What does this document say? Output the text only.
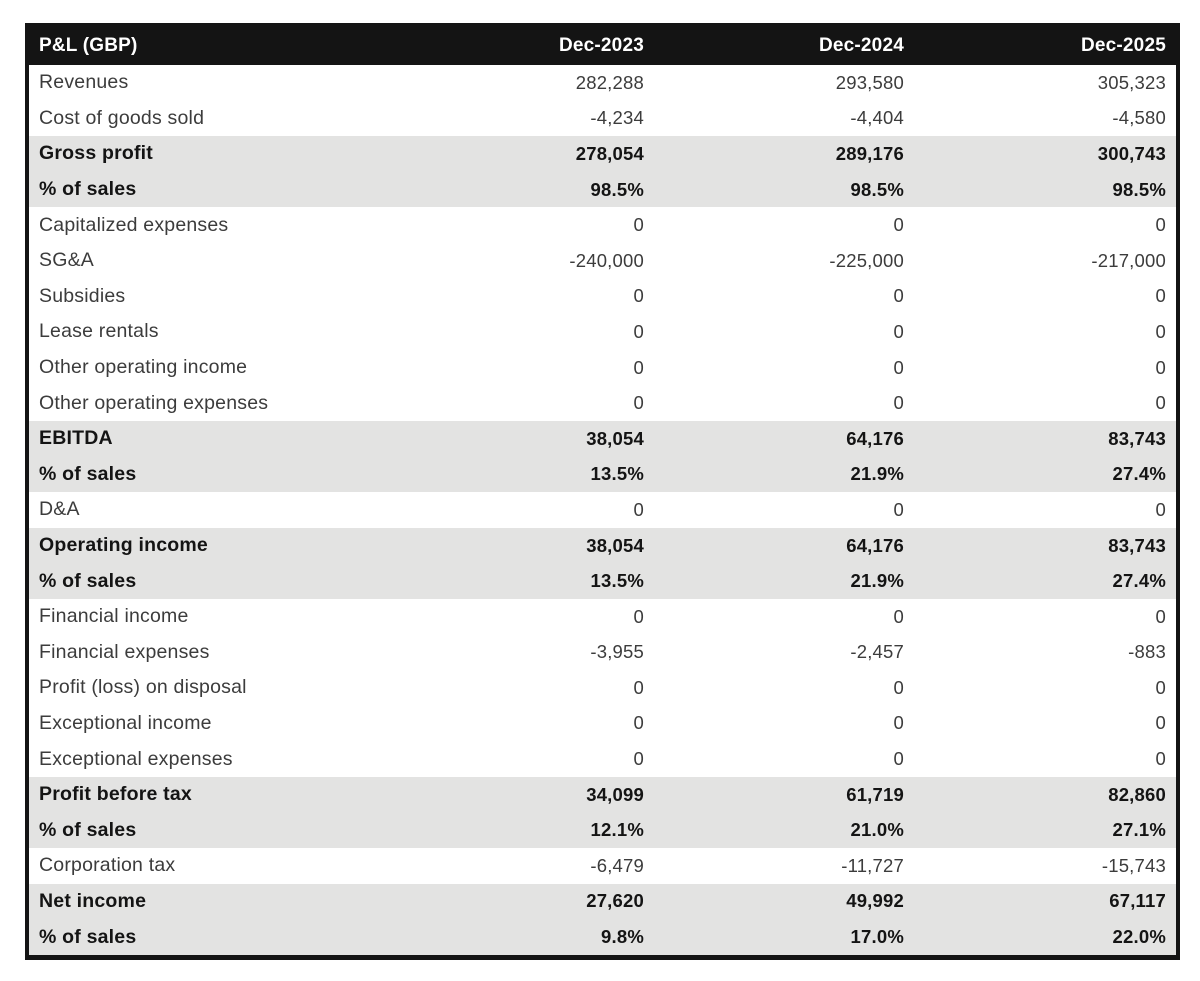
P&L (GBP)	Dec-2023	Dec-2024	Dec-2025
Revenues	282,288	293,580	305,323
Cost of goods sold	-4,234	-4,404	-4,580
Gross profit	278,054	289,176	300,743
% of sales	98.5%	98.5%	98.5%
Capitalized expenses	0	0	0
SG&A	-240,000	-225,000	-217,000
Subsidies	0	0	0
Lease rentals	0	0	0
Other operating income	0	0	0
Other operating expenses	0	0	0
EBITDA	38,054	64,176	83,743
% of sales	13.5%	21.9%	27.4%
D&A	0	0	0
Operating income	38,054	64,176	83,743
% of sales	13.5%	21.9%	27.4%
Financial income	0	0	0
Financial expenses	-3,955	-2,457	-883
Profit (loss) on disposal	0	0	0
Exceptional income	0	0	0
Exceptional expenses	0	0	0
Profit before tax	34,099	61,719	82,860
% of sales	12.1%	21.0%	27.1%
Corporation tax	-6,479	-11,727	-15,743
Net income	27,620	49,992	67,117
% of sales	9.8%	17.0%	22.0%
